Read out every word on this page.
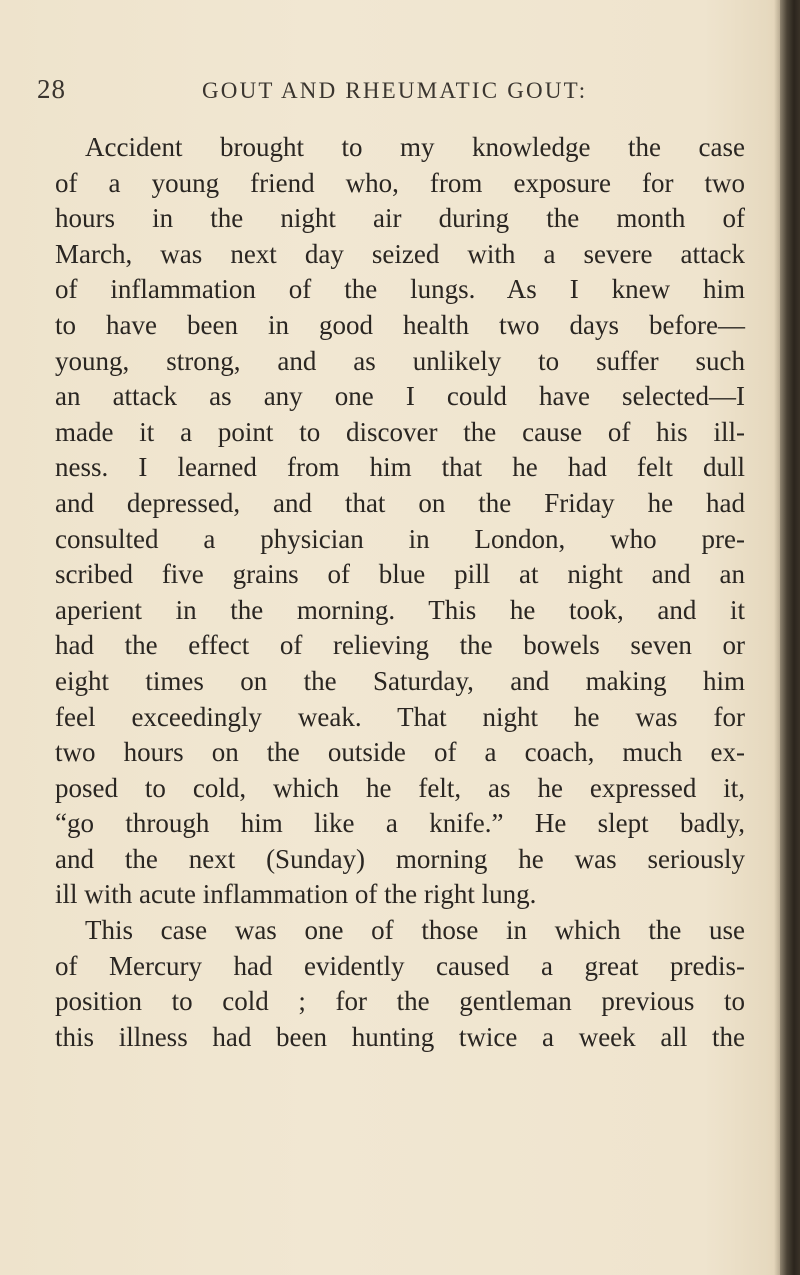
28	GOUT AND RHEUMATIC GOUT:
Accident brought to my knowledge the case
of a young friend who, from exposure for two
hours in the night air during the month of
March, was next day seized with a severe attack
of inflammation of the lungs. As I knew him
to have been in good health two days before—
young, strong, and as unlikely to suffer such
an attack as any one I could have selected—I
made it a point to discover the cause of his ill-
ness. I learned from him that he had felt dull
and depressed, and that on the Friday he had
consulted a physician in London, who pre-
scribed five grains of blue pill at night and an
aperient in the morning. This he took, and it
had the effect of relieving the bowels seven or
eight times on the Saturday, and making him
feel exceedingly weak. That night he was for
two hours on the outside of a coach, much ex-
posed to cold, which he felt, as he expressed it,
“go through him like a knife.” He slept badly,
and the next (Sunday) morning he was seriously
ill with acute inflammation of the right lung.
This case was one of those in which the use
of Mercury had evidently caused a great predis-
position to cold ; for the gentleman previous to
this illness had been hunting twice a week all the
